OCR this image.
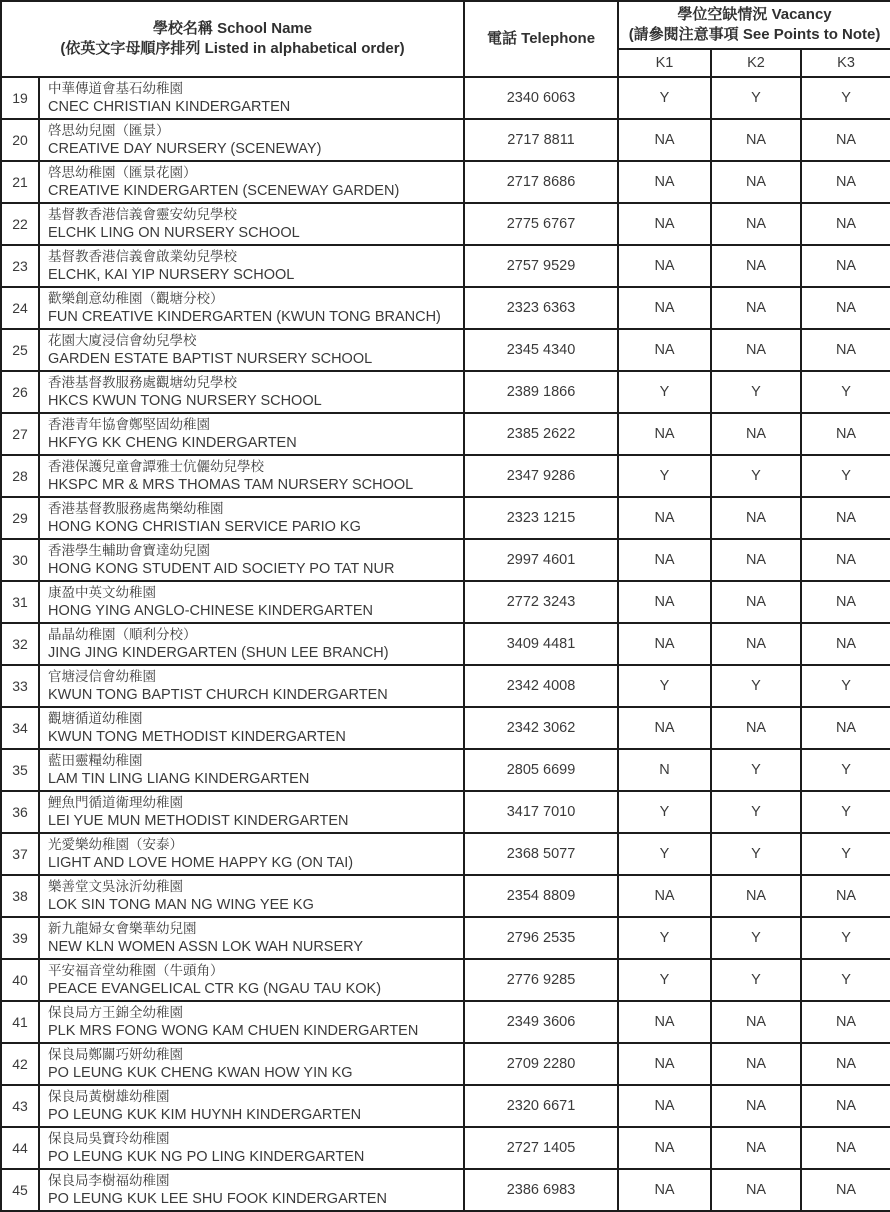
學校名稱 School Name
(依英文字母順序排列 Listed in alphabetical order)		電話 Telephone	學位空缺情況 Vacancy
(請參閱注意事項 See Points to Note)		
			K1	K2	K3
19	中華傳道會基石幼稚園
CNEC CHRISTIAN KINDERGARTEN	2340 6063	Y	Y	Y
20	啓思幼兒園（匯景）
CREATIVE DAY NURSERY (SCENEWAY)	2717 8811	NA	NA	NA
21	啓思幼稚園（匯景花園）
CREATIVE KINDERGARTEN (SCENEWAY GARDEN)	2717 8686	NA	NA	NA
22	基督教香港信義會靈安幼兒學校
ELCHK LING ON NURSERY SCHOOL	2775 6767	NA	NA	NA
23	基督教香港信義會啟業幼兒學校
ELCHK, KAI YIP NURSERY SCHOOL	2757 9529	NA	NA	NA
24	歡樂創意幼稚園（觀塘分校）
FUN CREATIVE KINDERGARTEN (KWUN TONG BRANCH)	2323 6363	NA	NA	NA
25	花園大廈浸信會幼兒學校
GARDEN ESTATE BAPTIST NURSERY SCHOOL	2345 4340	NA	NA	NA
26	香港基督教服務處觀塘幼兒學校
HKCS KWUN TONG NURSERY SCHOOL	2389 1866	Y	Y	Y
27	香港青年協會鄭堅固幼稚園
HKFYG KK CHENG KINDERGARTEN	2385 2622	NA	NA	NA
28	香港保護兒童會譚雅士伉儷幼兒學校
HKSPC MR & MRS THOMAS TAM NURSERY SCHOOL	2347 9286	Y	Y	Y
29	香港基督教服務處雋樂幼稚園
HONG KONG CHRISTIAN SERVICE PARIO KG	2323 1215	NA	NA	NA
30	香港學生輔助會寶達幼兒園
HONG KONG STUDENT AID SOCIETY PO TAT NUR	2997 4601	NA	NA	NA
31	康盈中英文幼稚園
HONG YING ANGLO-CHINESE KINDERGARTEN	2772 3243	NA	NA	NA
32	晶晶幼稚園（順利分校）
JING JING KINDERGARTEN (SHUN LEE BRANCH)	3409 4481	NA	NA	NA
33	官塘浸信會幼稚園
KWUN TONG BAPTIST CHURCH KINDERGARTEN	2342 4008	Y	Y	Y
34	觀塘循道幼稚園
KWUN TONG METHODIST KINDERGARTEN	2342 3062	NA	NA	NA
35	藍田靈糧幼稚園
LAM TIN LING LIANG KINDERGARTEN	2805 6699	N	Y	Y
36	鯉魚門循道衛理幼稚園
LEI YUE MUN METHODIST KINDERGARTEN	3417 7010	Y	Y	Y
37	光愛樂幼稚園（安泰）
LIGHT AND LOVE HOME HAPPY KG (ON TAI)	2368 5077	Y	Y	Y
38	樂善堂文吳泳沂幼稚園
LOK SIN TONG MAN NG WING YEE KG	2354 8809	NA	NA	NA
39	新九龍婦女會樂華幼兒園
NEW KLN WOMEN ASSN LOK WAH NURSERY	2796 2535	Y	Y	Y
40	平安福音堂幼稚園（牛頭角）
PEACE EVANGELICAL CTR KG (NGAU TAU KOK)	2776 9285	Y	Y	Y
41	保良局方王錦全幼稚園
PLK MRS FONG WONG KAM CHUEN KINDERGARTEN	2349 3606	NA	NA	NA
42	保良局鄭關巧妍幼稚園
PO LEUNG KUK CHENG KWAN HOW YIN KG	2709 2280	NA	NA	NA
43	保良局黃樹雄幼稚園
PO LEUNG KUK KIM HUYNH KINDERGARTEN	2320 6671	NA	NA	NA
44	保良局吳寶玲幼稚園
PO LEUNG KUK NG PO LING KINDERGARTEN	2727 1405	NA	NA	NA
45	保良局李樹福幼稚園
PO LEUNG KUK LEE SHU FOOK KINDERGARTEN	2386 6983	NA	NA	NA
